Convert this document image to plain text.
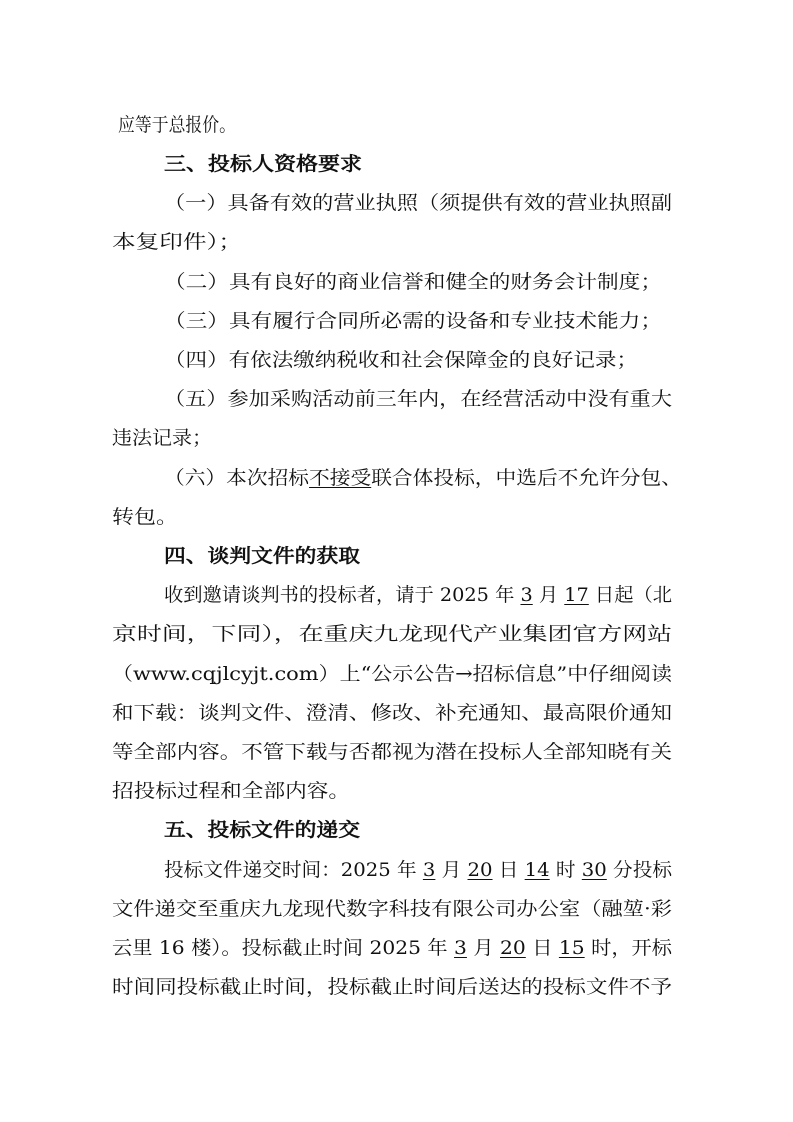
应等于总报价。
三、投标人资格要求
（一）具备有效的营业执照（须提供有效的营业执照副
本复印件）；
（二）具有良好的商业信誉和健全的财务会计制度；
（三）具有履行合同所必需的设备和专业技术能力；
（四）有依法缴纳税收和社会保障金的良好记录；
（五）参加采购活动前三年内，在经营活动中没有重大
违法记录；
（六）本次招标不接受联合体投标，中选后不允许分包、
转包。
四、谈判文件的获取
收到邀请谈判书的投标者，请于 2025 年 3 月 17 日起（北
京时间，下同），在重庆九龙现代产业集团官方网站
（www.cqjlcyjt.com）上“公示公告→招标信息”中仔细阅读
和下载：谈判文件、澄清、修改、补充通知、最高限价通知
等全部内容。不管下载与否都视为潜在投标人全部知晓有关
招投标过程和全部内容。
五、投标文件的递交
投标文件递交时间：2025 年 3 月 20 日 14 时 30 分投标
文件递交至重庆九龙现代数字科技有限公司办公室（融堃·彩
云里 16 楼）。投标截止时间 2025 年 3 月 20 日 15 时，开标
时间同投标截止时间，投标截止时间后送达的投标文件不予
